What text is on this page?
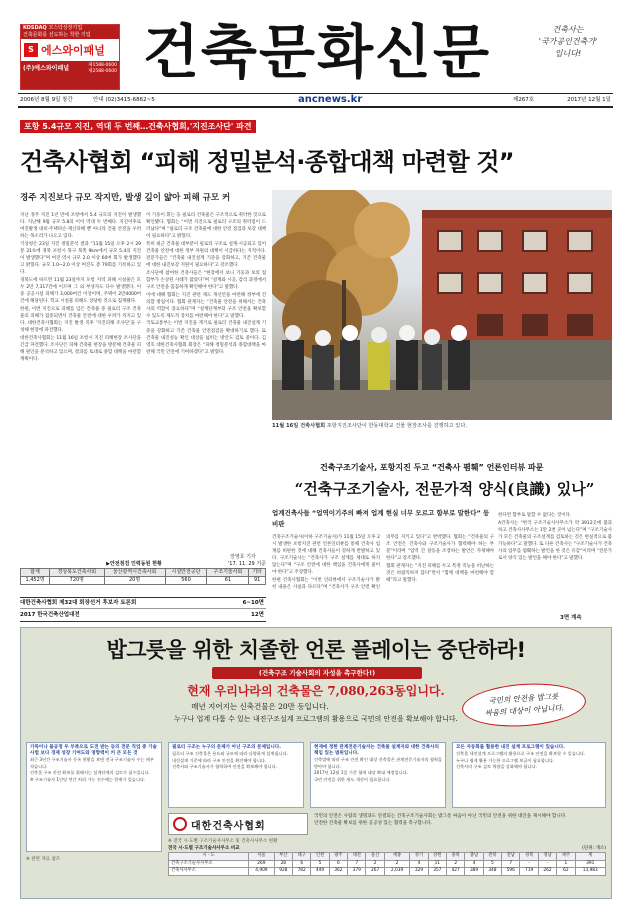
KOSDAQ 코스닥상장기업
건축문화를 선도하는 착한 기업
S 에스와이패널
(주)에스와이패널	제1588-0600
제2588-0600 건축문화신문	건축사는
'국가공인건축가'
입니다!
2006년 8월 9일 창간	안내 (02)3415-6862~5	ancnews.kr	제267호	2017년 12월 1일
포항 5.4규모 지진, 역대 두 번째…건축사협회,'지진조사단' 파견
건축사협회 “피해 정밀분석·종합대책 마련할 것”
경주 지진보다 규모 작지만, 발생 깊이 얇아 피해 규모 커

지난 경주 지진 1년 만에 포항에서 5.4 규모의 지진이 발생했다. 지난해 9월 규모 5.8의 이어 역대 두 번째다. 지진이후로 여진발생 대비·주택파손·재산피해 뿐 아니라 건물 안전을 우려하는 목소리가 나오고 있다.

기상청은 23일 지진 정밀분석 결과 “11월 15일 오후 2시 29분 31초에 경북 포항시 북구 북쪽 9km에서 규모 5.4의 지진이 발생했다”며 여진 역시 규모 2.0 이상 60여 회가 발생했다고 밝혔다. 규모 1.0~2.0 이상 여진도 총 79회를 기록하고 있다.

경북도에 따르면 11월 23일까지 포항 지역 피해 시설물은 모두 2만 7,317건에 이르며 그 외 부상자도 다수 발생했다. 이 중 공공시설 피해가 3,000여건 이상이며, 주택이 2만4000여건에 해당된다. 학교 시설물 피해도 상당한 것으로 집계됐다.

한편, 이번 지진으로 피해를 입은 건축물 중 필로티 구조 건축물의 피해가 집중되면서 건축물 안전에 대한 우려가 커지고 있다. 대한건축사협회는 지진 발생 직후 ‘지진피해 조사단’을 구성해 현장에 파견했다.

대한건축사협회는 11월 16일 포항시 지진 피해현장 조사단을 긴급 파견했다. 조사단은 피해 건축물 현장을 방문해 건축물 피해 원인을 분석하고 있으며, 결과를 토대로 종합 대책을 마련할 계획이다.

이 기둥이 휘는 등 필로티 건축물은 구조적으로 취약한 것으로 확인됐다. 협회는 “이번 지진으로 필로티 구조의 취약점이 드러났다”며 “필로티 구조 건축물에 대한 안전 점검과 보강 대책이 필요하다”고 밝혔다.

특히 최근 건축물 대부분이 필로티 구조로 설계·시공되고 있어 건축물 안전에 대한 정부 차원의 대책이 시급하다는 지적이다. 전문가들은 “건축물 내진설계 기준을 강화하고, 기존 건축물에 대한 내진보강 지원이 필요하다”고 강조했다.

조사단에 참여한 건축사들은 “현장에서 보니 기둥과 보의 접합부가 손상된 사례가 많았다”며 “설계와 시공, 감리 과정에서 구조 안전을 꼼꼼하게 확인해야 한다”고 말했다.

이에 대해 협회는 지진 관련 제도 개선안을 마련해 정부에 건의할 방침이다. 협회 관계자는 “건축물 안전을 위해서는 건축사의 역할이 중요하다”며 “설계단계부터 구조 안전을 확보할 수 있도록 제도적 장치를 마련해야 한다”고 말했다.

국토교통부는 이번 지진을 계기로 필로티 건축물 내진설계 기준을 강화하고 기존 건축물 안전점검을 확대하기로 했다. 또 건축물 내진성능 확인 대상을 넓히는 방안도 검토 중이다. 김영호 대한건축사협회 회장은 “피해 정밀분석과 종합대책을 마련해 국민 안전에 기여하겠다”고 밝혔다.

장영호 기자
▶안전점검 인력동원 현황	'17. 11. 29 기준
합계	경상북도건축사회	울산광역시건축사회	시설안전공단	구조기술사회	기타
1,452명	720명	20명	560	61	91
대한건축사협회 제32대 회장선거 후보자 토론회	6~10면
2017 한국건축산업대전	12면
11월 16일 건축사협회 포항지진조사단이 한동대학교 건물 현장조사를 진행하고 있다.
건축구조기술사, 포항지진 두고 “건축사 폄훼” 언론인터뷰 파문
“건축구조기술사, 전문가적 양식(良識) 있나”
업계건축사들 “업역이기주의 빠져 업계 현실 너무 모르고 함부로 말한다” 등 비판

건축구조기술사(이하 구조기술사)가 11월 15일 오후 2시 발생한 포항지진 관련 언론인터뷰를 통해 건축사 업계를 비판한 것에 대해 건축사들이 강하게 반발하고 있다. 구조기술사는 “건축사가 구조 설계를 제대로 하지 않는다”며 “구조 안전에 대한 책임을 건축사에게 물어야 한다”고 주장했다.

한편 건축사협회는 “이번 인터뷰에서 구조기술사가 밝힌 내용은 사실과 다르다”며 “건축사가 구조 안전 확인 의무를 지키고 있다”고 반박했다. 협회는 “건축물의 구조 안전은 건축사와 구조기술사가 협력해야 하는 부분”이라며 “업역 간 갈등을 조장하는 발언은 자제해야 한다”고 강조했다.

협회 관계자는 “지진 피해를 두고 특정 직능을 비난하는 것은 바람직하지 않다”면서 “함께 대책을 마련해야 할 때”라고 말했다.

한다면 함부로 말할 수 없다는 것이다.

A건축사는 “한국 구조기술사사무소가 약 3912곳에 불과하고 건축사사무소는 1만 2천 곳이 넘는다”며 “구조기술사가 모든 건축물의 구조설계를 검토하는 것은 현실적으로 불가능하다”고 말했다. 또 다른 건축사는 “구조기술사가 건축사의 업무를 폄훼하는 발언을 한 것은 유감”이라며 “전문가로서 양식 있는 발언을 해야 한다”고 말했다.

3면 계속
밥그릇을 위한 치졸한 언론 플레이는 중단하라!
(건축구조 기술사회의 자성을 촉구한다!)
현재 우리나라의 건축물은 7,080,263동입니다.
매년 지어지는 신축건물은 20만 동입니다.
누구나 업계 다툼 수 있는 내진구조설계 프로그램의 활용으로 국민의 안전을 확보해야 합니다.
국민의 안전을 밥그릇
싸움의 대상이 아닙니다.
가뜩이나 불공정 두 부족으로 도전 받는 등의 전문 직업 중 기술사법 보다 경제 성장 기여도와 영향력이 커 큰 모든 것

최근 3년간 구조기술사 등록 현황을 보면 전국 구조기술사 수는 매우 적습니다.

건축물 구조 안전 확보를 위해서는 설계단계의 검토가 필수입니다.

※ 구조기술사 1인당 연간 처리 가능 건수에는 한계가 있습니다.

필로티 구조는 누구의 문제가 아닌 구조의 문제입니다.

필로티 구조 건축물은 용도와 규모에 따라 다양하게 설계됩니다.

내진설계 기준에 따라 구조 안전을 확인해야 합니다.

건축사와 구조기술사가 협력하여 안전을 확보해야 합니다.

현재에 정한 관계전문기술자는 건축물 설계자와 대한 건축사의 책임 있는 범위입니다.

건축법에 따라 구조 안전 확인 대상 건축물은 관계전문기술자의 협력을 받아야 합니다.

2017년 12월 1일 기준 협력 대상 확대 예정입니다.

국민 안전을 위한 제도 개선이 필요합니다.

모든 자동화를 활용한 내진 설계 프로그램이 있습니다.

건축물 내진설계 프로그램의 활용으로 구조 안전을 확보할 수 있습니다.

누구나 쉽게 활용 가능한 프로그램 보급이 필요합니다.

건축사의 구조 검토 역량을 강화해야 합니다.

※ 관련 자료 참조
대한건축사협회
국민의 안전은 사람의 생명과도 연결되는 건축구조기술사회는 밥그릇 싸움이 아닌 국민의 안전을 위한 대안을 제시해야 합니다.
안전한 건축물 확보를 위한 공공성 있는 협력을 촉구합니다.
※ 전국 시·도별 구조기술사사무소 및 건축사사무소 현황
전국 시·도별 구조기술사사무소 비교	(단위: 개소)
시 · 도	서울	부산	대구	인천	광주	대전	울산	세종	경기	강원	충북	충남	전북	전남	경북	경남	제주	계
건축구조기술사사무소	269	28	6	5	6	7	2	2	4	11	2	4	5	7	-	-	1	391
건축사사무소	4,909	928	782	449	362	379	267	2,039	329	357	427	389	348	596	719	262	62	13,983
